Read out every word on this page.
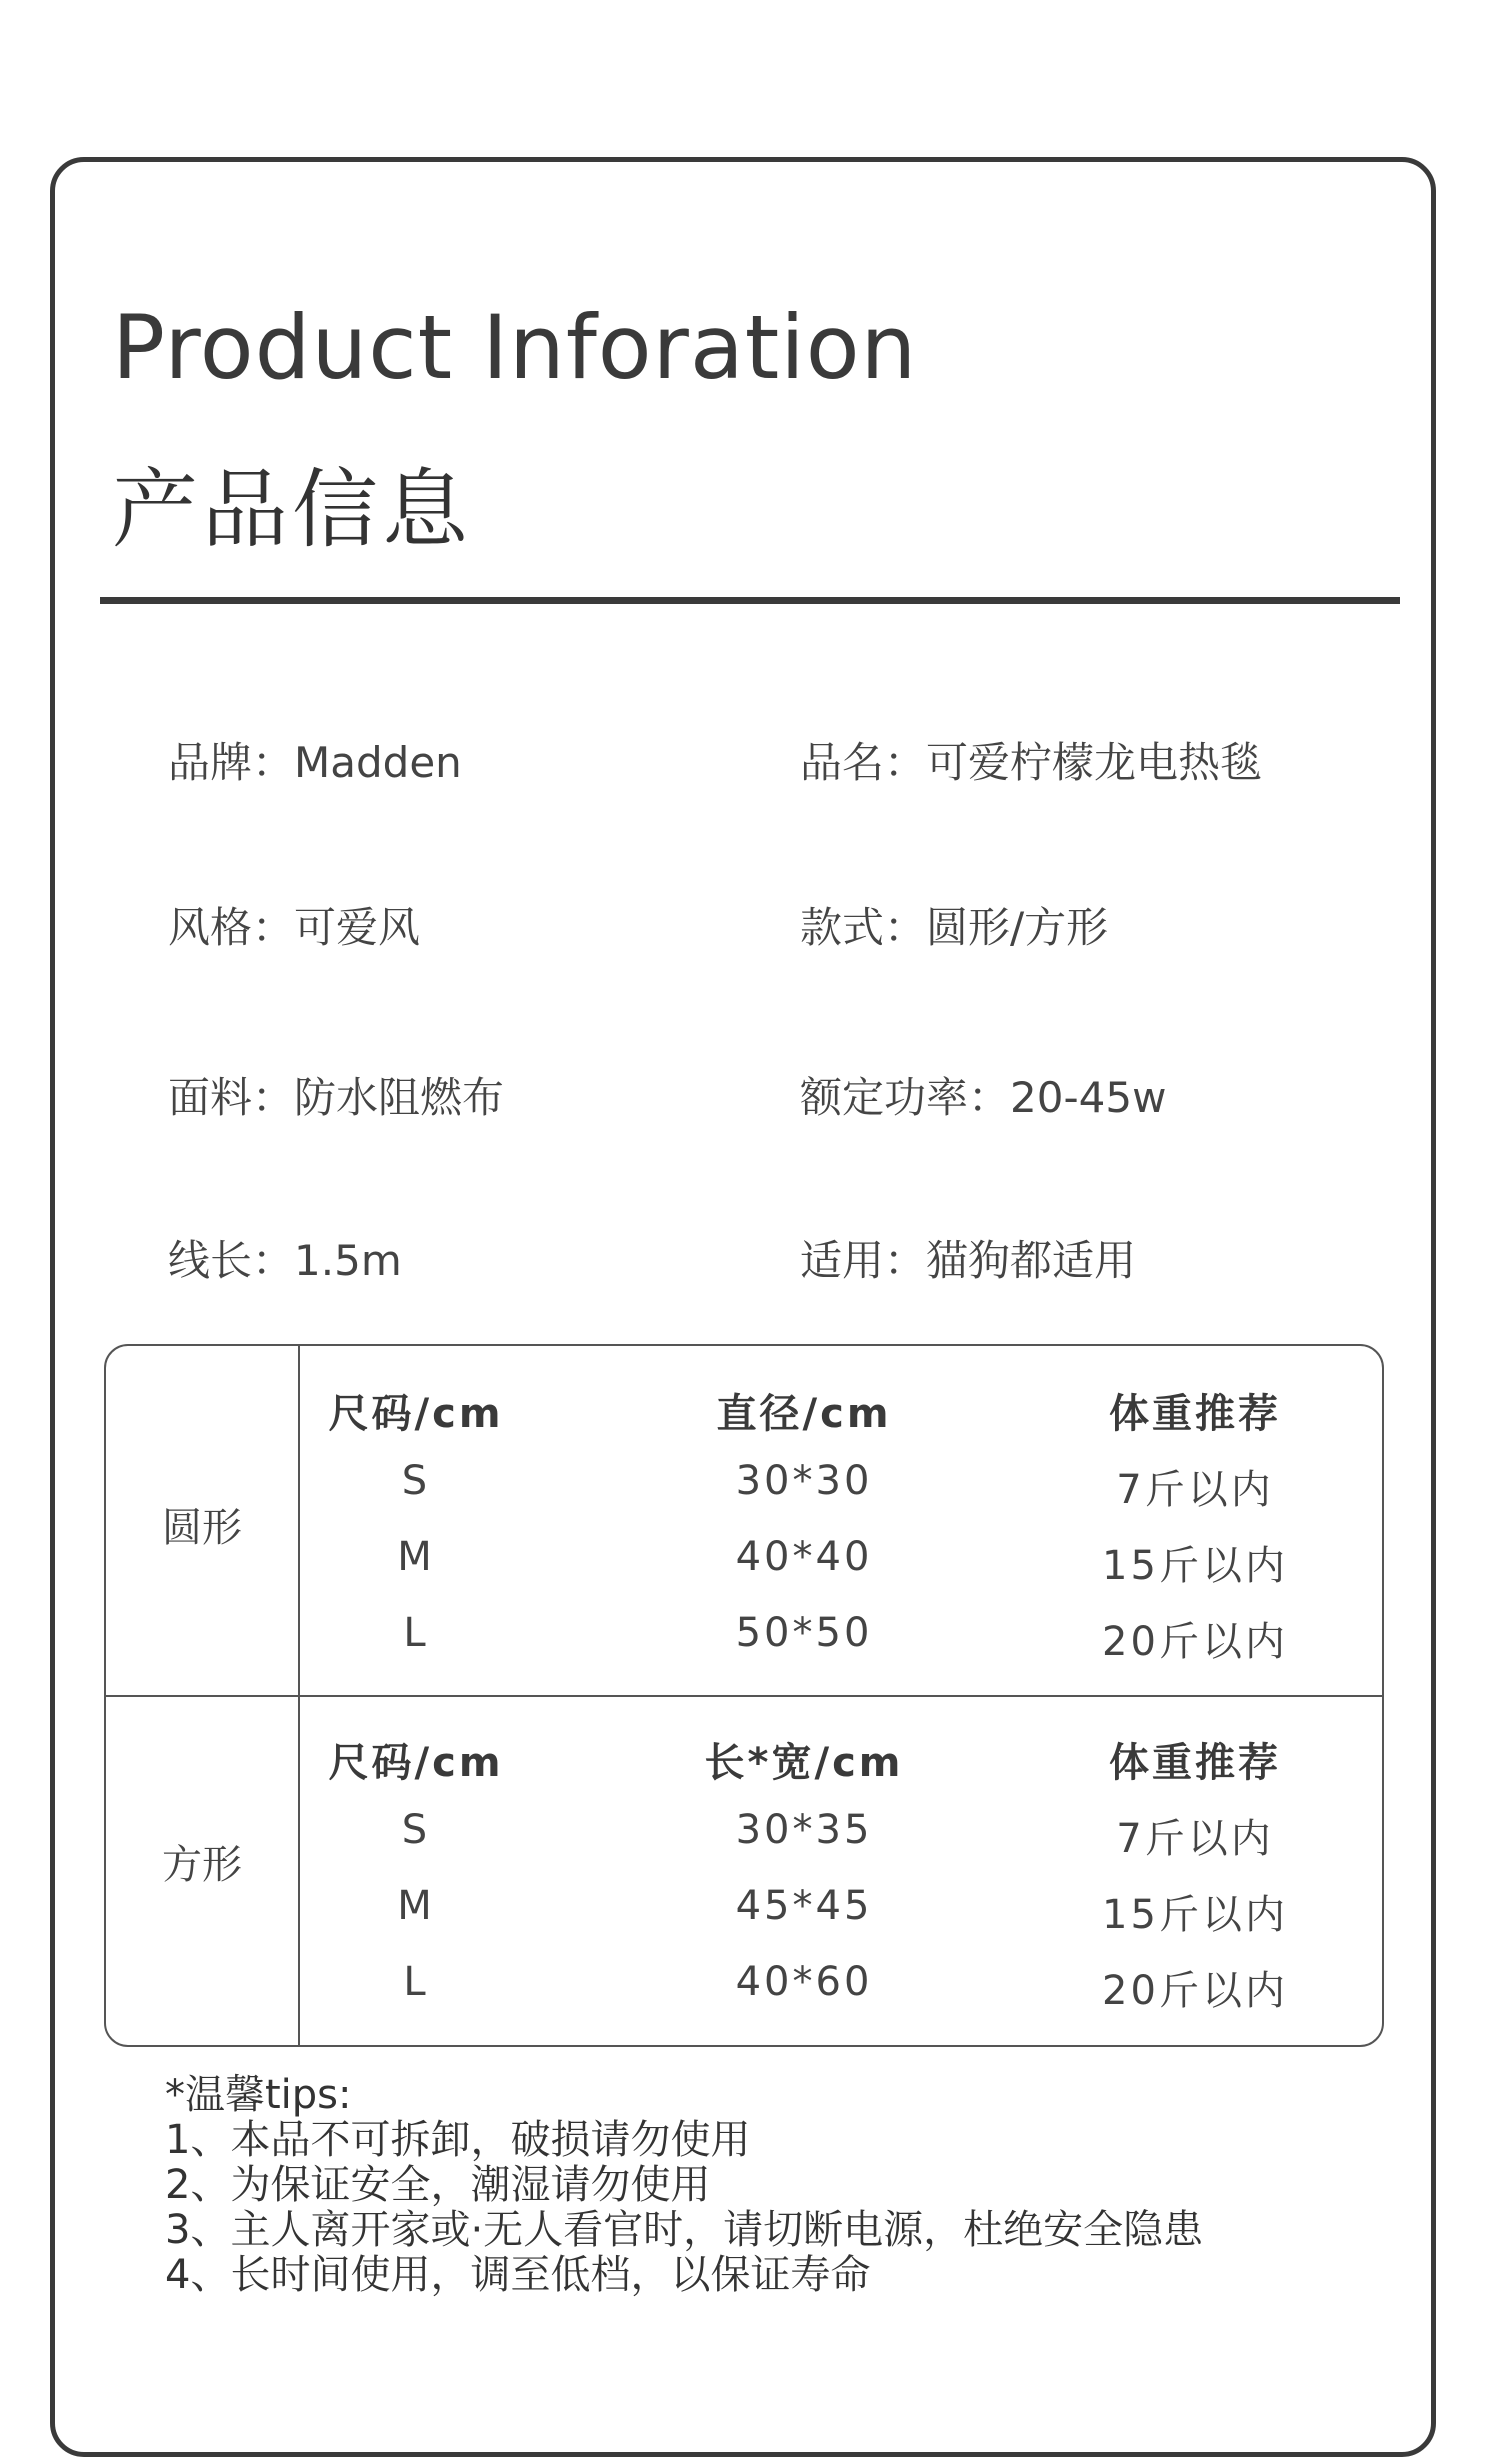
Product Inforation
产品信息
品牌：Madden	品名：可爱柠檬龙电热毯
风格：可爱风	款式：圆形/方形
面料：防水阻燃布	额定功率：20-45w
线长：1.5m	适用：猫狗都适用
圆形
尺码/cm	直径/cm	体重推荐
S	30*30	7斤以内
M	40*40	15斤以内
L	50*50	20斤以内
方形
尺码/cm	长*宽/cm	体重推荐
S	30*35	7斤以内
M	45*45	15斤以内
L	40*60	20斤以内
*温馨tips:
1、本品不可拆卸，破损请勿使用
2、为保证安全，潮湿请勿使用
3、主人离开家或·无人看官时，请切断电源，杜绝安全隐患
4、长时间使用，调至低档，以保证寿命
